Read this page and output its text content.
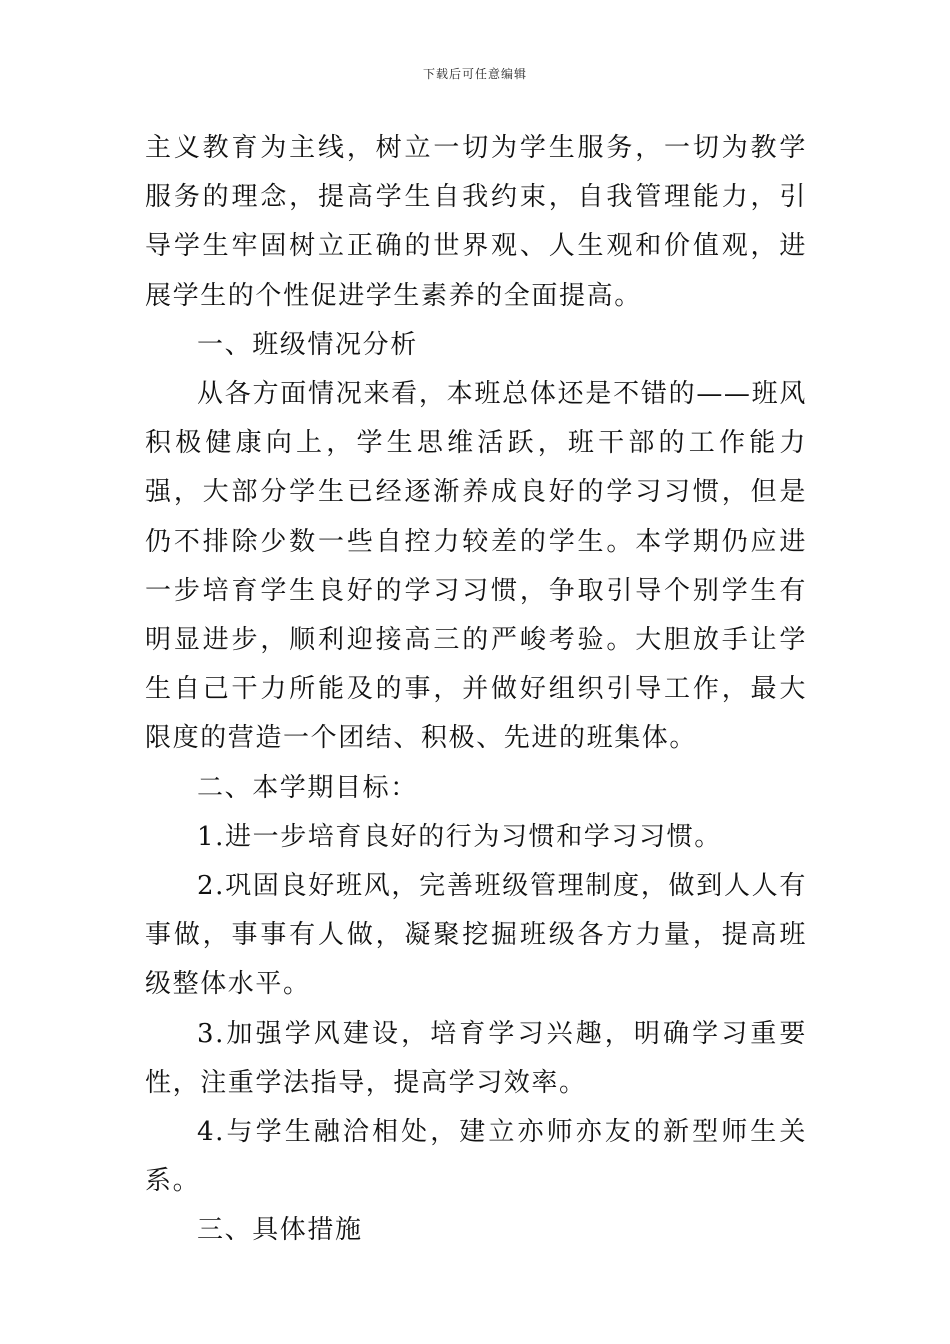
下载后可任意编辑

主义教育为主线，树立一切为学生服务，一切为教学服务的理念，提高学生自我约束，自我管理能力，引导学生牢固树立正确的世界观、人生观和价值观，进展学生的个性促进学生素养的全面提高。

一、班级情况分析

从各方面情况来看，本班总体还是不错的——班风积极健康向上，学生思维活跃，班干部的工作能力强，大部分学生已经逐渐养成良好的学习习惯，但是仍不排除少数一些自控力较差的学生。本学期仍应进一步培育学生良好的学习习惯，争取引导个别学生有明显进步，顺利迎接高三的严峻考验。大胆放手让学生自己干力所能及的事，并做好组织引导工作，最大限度的营造一个团结、积极、先进的班集体。

二、本学期目标：

1.进一步培育良好的行为习惯和学习习惯。

2.巩固良好班风，完善班级管理制度，做到人人有事做，事事有人做，凝聚挖掘班级各方力量，提高班级整体水平。

3.加强学风建设，培育学习兴趣，明确学习重要性，注重学法指导，提高学习效率。

4.与学生融洽相处，建立亦师亦友的新型师生关系。

三、具体措施
